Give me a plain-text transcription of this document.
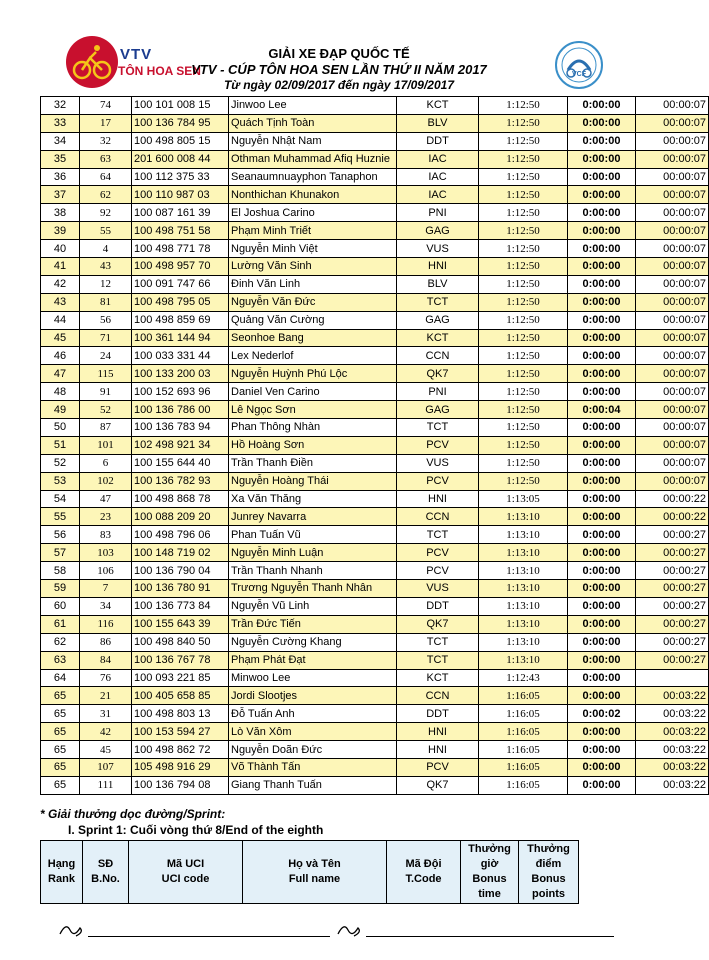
VTV
TÔN HOA SEN
GIẢI XE ĐẠP QUỐC TẾ
VTV - CÚP TÔN HOA SEN LẦN THỨ II NĂM 2017
Từ ngày 02/09/2017 đến ngày 17/09/2017
VCF
32	74	100 101 008 15	Jinwoo Lee	KCT	1:12:50	0:00:00	00:00:07
33	17	100 136 784 95	Quách Tịnh Toàn	BLV	1:12:50	0:00:00	00:00:07
34	32	100 498 805 15	Nguyễn Nhật Nam	DDT	1:12:50	0:00:00	00:00:07
35	63	201 600 008 44	Othman Muhammad Afiq Huznie	IAC	1:12:50	0:00:00	00:00:07
36	64	100 112 375 33	Seanaumnuayphon Tanaphon	IAC	1:12:50	0:00:00	00:00:07
37	62	100 110 987 03	Nonthichan Khunakon	IAC	1:12:50	0:00:00	00:00:07
38	92	100 087 161 39	El Joshua Carino	PNI	1:12:50	0:00:00	00:00:07
39	55	100 498 751 58	Phạm Minh Triết	GAG	1:12:50	0:00:00	00:00:07
40	4	100 498 771 78	Nguyễn Minh Việt	VUS	1:12:50	0:00:00	00:00:07
41	43	100 498 957 70	Lường Văn Sinh	HNI	1:12:50	0:00:00	00:00:07
42	12	100 091 747 66	Đinh Văn Linh	BLV	1:12:50	0:00:00	00:00:07
43	81	100 498 795 05	Nguyễn Văn Đức	TCT	1:12:50	0:00:00	00:00:07
44	56	100 498 859 69	Quảng Văn Cường	GAG	1:12:50	0:00:00	00:00:07
45	71	100 361 144 94	Seonhoe Bang	KCT	1:12:50	0:00:00	00:00:07
46	24	100 033 331 44	Lex Nederlof	CCN	1:12:50	0:00:00	00:00:07
47	115	100 133 200 03	Nguyễn Huỳnh Phú Lộc	QK7	1:12:50	0:00:00	00:00:07
48	91	100 152 693 96	Daniel Ven Carino	PNI	1:12:50	0:00:00	00:00:07
49	52	100 136 786 00	Lê Ngọc Sơn	GAG	1:12:50	0:00:04	00:00:07
50	87	100 136 783 94	Phan Thông Nhàn	TCT	1:12:50	0:00:00	00:00:07
51	101	102 498 921 34	Hồ Hoàng Sơn	PCV	1:12:50	0:00:00	00:00:07
52	6	100 155 644 40	Trần Thanh Điền	VUS	1:12:50	0:00:00	00:00:07
53	102	100 136 782 93	Nguyễn Hoàng Thái	PCV	1:12:50	0:00:00	00:00:07
54	47	100 498 868 78	Xa Văn Thăng	HNI	1:13:05	0:00:00	00:00:22
55	23	100 088 209 20	Junrey Navarra	CCN	1:13:10	0:00:00	00:00:22
56	83	100 498 796 06	Phan Tuấn Vũ	TCT	1:13:10	0:00:00	00:00:27
57	103	100 148 719 02	Nguyễn Minh Luận	PCV	1:13:10	0:00:00	00:00:27
58	106	100 136 790 04	Trần Thanh Nhanh	PCV	1:13:10	0:00:00	00:00:27
59	7	100 136 780 91	Trương Nguyễn Thanh Nhân	VUS	1:13:10	0:00:00	00:00:27
60	34	100 136 773 84	Nguyễn Vũ Linh	DDT	1:13:10	0:00:00	00:00:27
61	116	100 155 643 39	Trần Đức Tiến	QK7	1:13:10	0:00:00	00:00:27
62	86	100 498 840 50	Nguyễn Cường Khang	TCT	1:13:10	0:00:00	00:00:27
63	84	100 136 767 78	Phạm Phát Đạt	TCT	1:13:10	0:00:00	00:00:27
64	76	100 093 221 85	Minwoo Lee	KCT	1:12:43	0:00:00	
65	21	100 405 658 85	Jordi Slootjes	CCN	1:16:05	0:00:00	00:03:22
65	31	100 498 803 13	Đỗ Tuấn Anh	DDT	1:16:05	0:00:02	00:03:22
65	42	100 153 594 27	Lò Văn Xôm	HNI	1:16:05	0:00:00	00:03:22
65	45	100 498 862 72	Nguyễn Doãn Đức	HNI	1:16:05	0:00:00	00:03:22
65	107	105 498 916 29	Võ Thành Tấn	PCV	1:16:05	0:00:00	00:03:22
65	111	100 136 794 08	Giang Thanh Tuấn	QK7	1:16:05	0:00:00	00:03:22
* Giải thưởng dọc đường/Sprint:
I. Sprint 1: Cuối vòng thứ 8/End of the eighth
Hạng
Rank

SĐ
B.No.

Mã UCI
UCI code

Họ và Tên
Full name

Mã Đội
T.Code

Thưởng giờ
Bonus time

Thưởng điểm
Bonus points
